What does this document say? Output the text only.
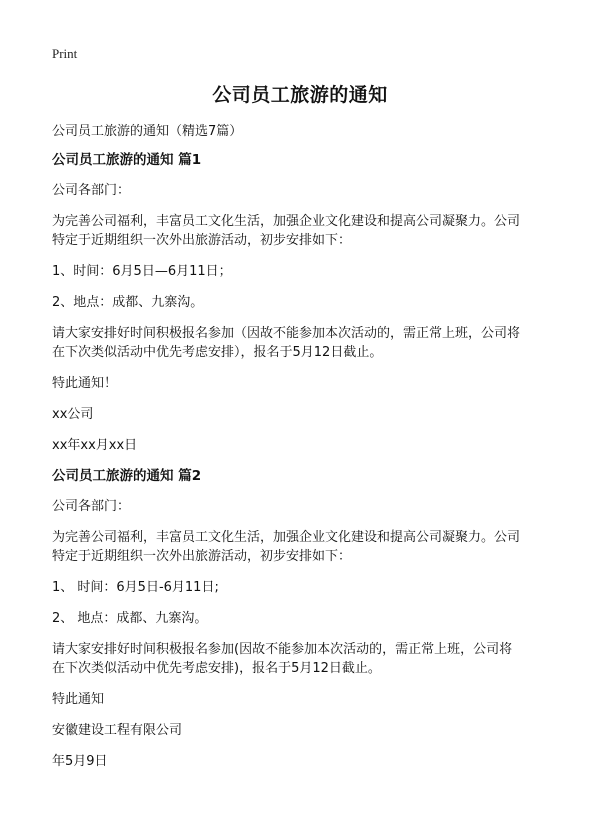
Print
公司员工旅游的通知

公司员工旅游的通知（精选7篇）

公司员工旅游的通知 篇1

公司各部门：

为完善公司福利，丰富员工文化生活，加强企业文化建设和提高公司凝聚力。公司

特定于近期组织一次外出旅游活动，初步安排如下：

1、时间：6月5日—6月11日；

2、地点：成都、九寨沟。

请大家安排好时间积极报名参加（因故不能参加本次活动的，需正常上班，公司将

在下次类似活动中优先考虑安排），报名于5月12日截止。

特此通知！

xx公司

xx年xx月xx日

公司员工旅游的通知 篇2

公司各部门：

为完善公司福利，丰富员工文化生活，加强企业文化建设和提高公司凝聚力。公司

特定于近期组织一次外出旅游活动，初步安排如下：

1、 时间：6月5日-6月11日;

2、 地点：成都、九寨沟。

请大家安排好时间积极报名参加(因故不能参加本次活动的，需正常上班，公司将

在下次类似活动中优先考虑安排)，报名于5月12日截止。

特此通知

安徽建设工程有限公司

年5月9日
